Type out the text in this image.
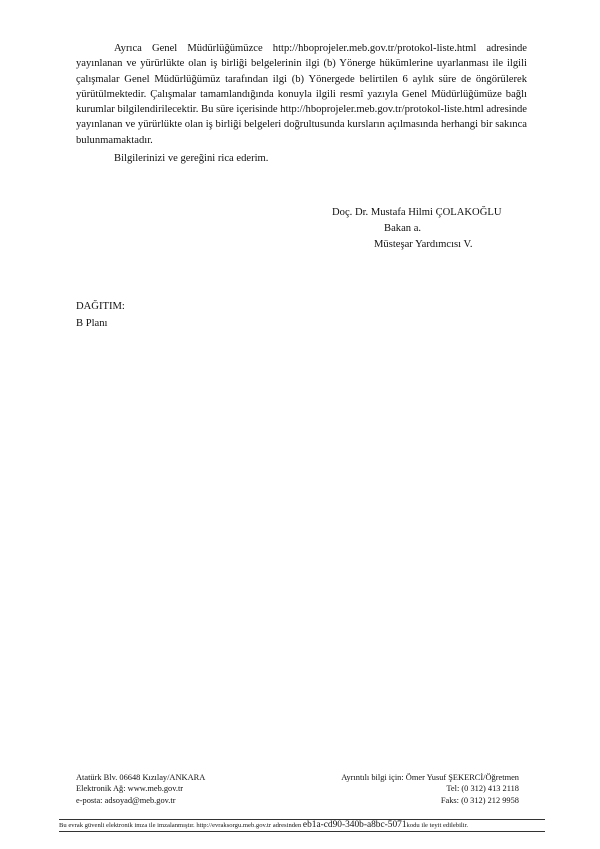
Ayrıca Genel Müdürlüğümüzce http://hboprojeler.meb.gov.tr/protokol-liste.html adresinde yayınlanan ve yürürlükte olan iş birliği belgelerinin ilgi (b) Yönerge hükümlerine uyarlanması ile ilgili çalışmalar Genel Müdürlüğümüz tarafından ilgi (b) Yönergede belirtilen 6 aylık süre de öngörülerek yürütülmektedir. Çalışmalar tamamlandığında konuyla ilgili resmî yazıyla Genel Müdürlüğümüze bağlı kurumlar bilgilendirilecektir. Bu süre içerisinde http://hboprojeler.meb.gov.tr/protokol-liste.html adresinde yayınlanan ve yürürlükte olan iş birliği belgeleri doğrultusunda kursların açılmasında herhangi bir sakınca bulunmamaktadır.

Bilgilerinizi ve gereğini rica ederim.

Doç. Dr. Mustafa Hilmi ÇOLAKOĞLU
Bakan a.
Müsteşar Yardımcısı V.
DAĞITIM:
B Planı
Atatürk Blv. 06648 Kızılay/ANKARA
Elektronik Ağ: www.meb.gov.tr
e-posta: adsoyad@meb.gov.tr
Ayrıntılı bilgi için: Ömer Yusuf ŞEKERCİ/Öğretmen
Tel: (0 312) 413 2118
Faks: (0 312) 212 9958
Bu evrak güvenli elektronik imza ile imzalanmıştır. http://evraksorgu.meb.gov.tr adresinden eb1a-cd90-340b-a8bc-5071kodu ile teyit edilebilir.
